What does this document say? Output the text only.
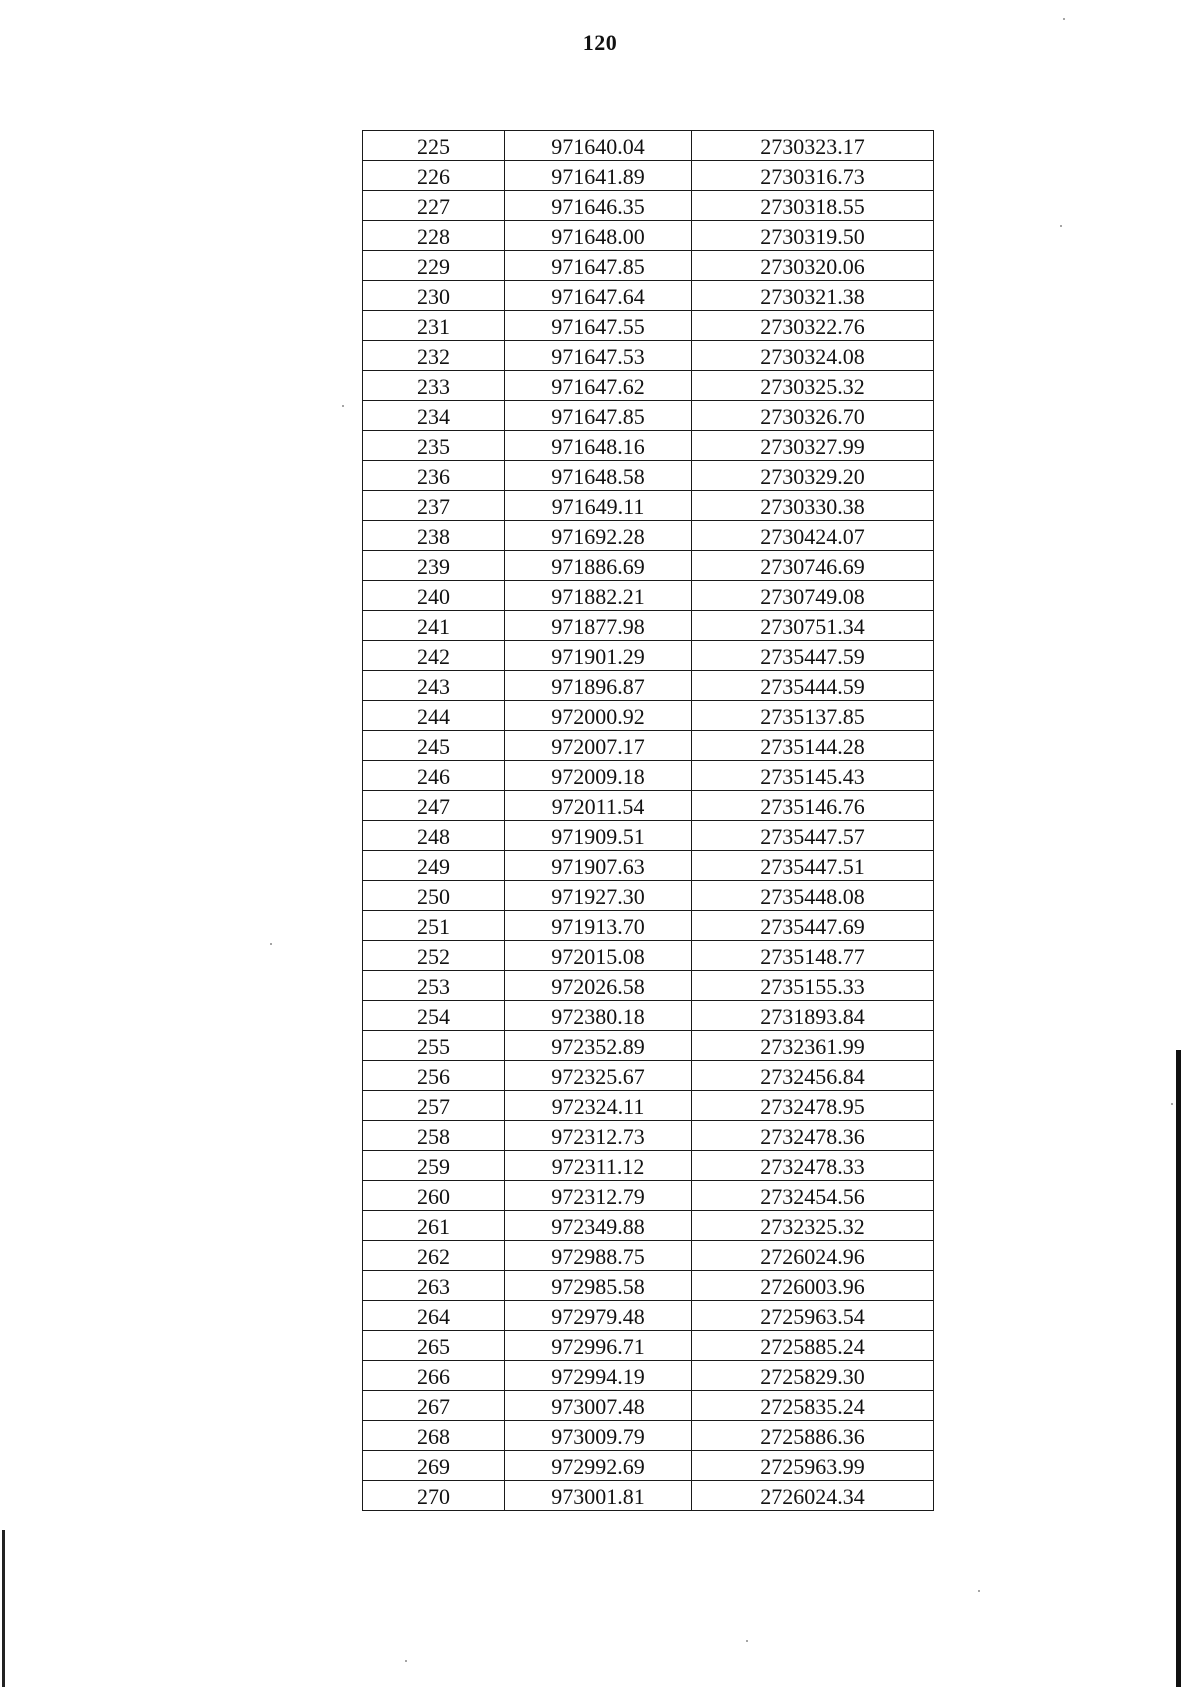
120
225	971640.04	2730323.17
226	971641.89	2730316.73
227	971646.35	2730318.55
228	971648.00	2730319.50
229	971647.85	2730320.06
230	971647.64	2730321.38
231	971647.55	2730322.76
232	971647.53	2730324.08
233	971647.62	2730325.32
234	971647.85	2730326.70
235	971648.16	2730327.99
236	971648.58	2730329.20
237	971649.11	2730330.38
238	971692.28	2730424.07
239	971886.69	2730746.69
240	971882.21	2730749.08
241	971877.98	2730751.34
242	971901.29	2735447.59
243	971896.87	2735444.59
244	972000.92	2735137.85
245	972007.17	2735144.28
246	972009.18	2735145.43
247	972011.54	2735146.76
248	971909.51	2735447.57
249	971907.63	2735447.51
250	971927.30	2735448.08
251	971913.70	2735447.69
252	972015.08	2735148.77
253	972026.58	2735155.33
254	972380.18	2731893.84
255	972352.89	2732361.99
256	972325.67	2732456.84
257	972324.11	2732478.95
258	972312.73	2732478.36
259	972311.12	2732478.33
260	972312.79	2732454.56
261	972349.88	2732325.32
262	972988.75	2726024.96
263	972985.58	2726003.96
264	972979.48	2725963.54
265	972996.71	2725885.24
266	972994.19	2725829.30
267	973007.48	2725835.24
268	973009.79	2725886.36
269	972992.69	2725963.99
270	973001.81	2726024.34
